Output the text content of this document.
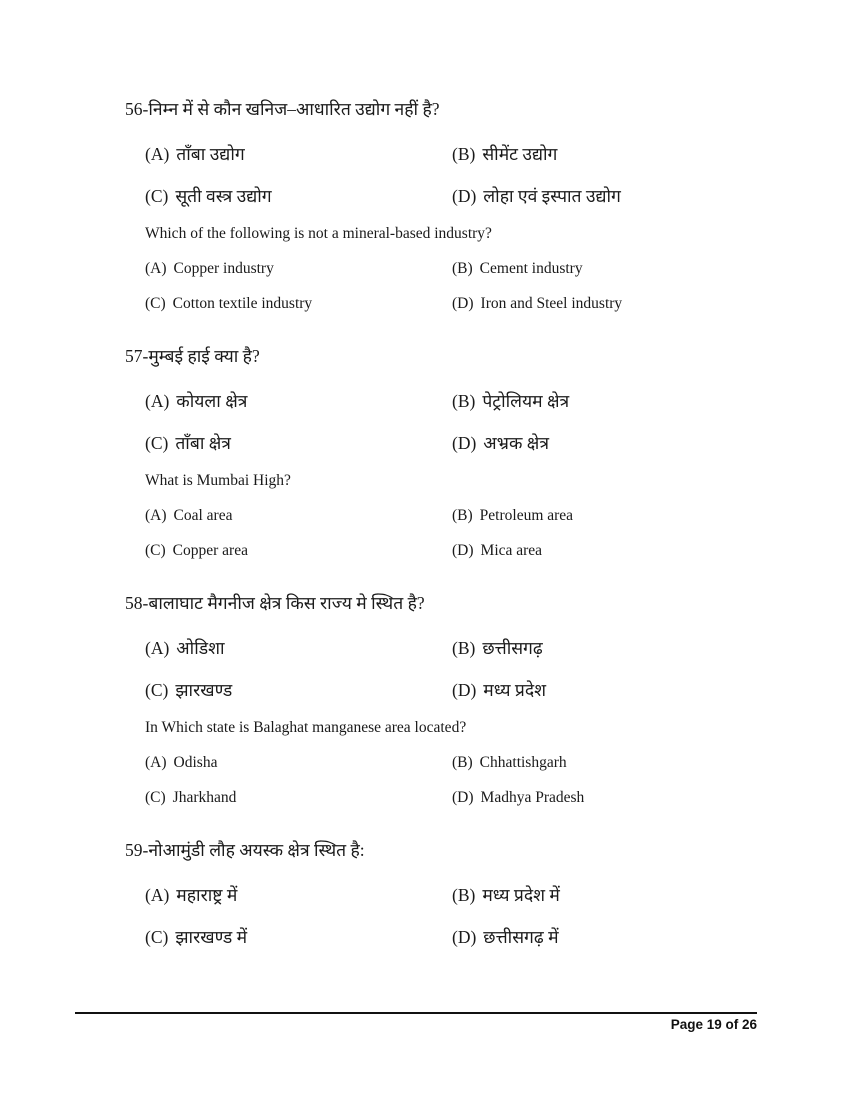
56-निम्न में से कौन खनिज–आधारित उद्योग नहीं है?

(A) ताँबा उद्योग	(B) सीमेंट उद्योग

(C) सूती वस्त्र उद्योग	(D) लोहा एवं इस्पात उद्योग

Which of the following is not a mineral-based industry?

(A) Copper industry	(B) Cement industry

(C) Cotton textile industry	(D) Iron and Steel industry

57-मुम्बई हाई क्या है?

(A) कोयला क्षेत्र	(B) पेट्रोलियम क्षेत्र

(C) ताँबा क्षेत्र	(D) अभ्रक क्षेत्र

What is Mumbai High?

(A) Coal area	(B) Petroleum area

(C) Copper area	(D) Mica area

58-बालाघाट मैगनीज क्षेत्र किस राज्य मे स्थित है?

(A) ओडिशा	(B) छत्तीसगढ़

(C) झारखण्ड	(D) मध्य प्रदेश

In Which state is Balaghat manganese area located?

(A) Odisha	(B) Chhattishgarh

(C) Jharkhand	(D) Madhya Pradesh

59-नोआमुंडी लौह अयस्क क्षेत्र स्थित है:

(A) महाराष्ट्र में	(B) मध्य प्रदेश में

(C) झारखण्ड में	(D) छत्तीसगढ़ में

Page 19 of 26
